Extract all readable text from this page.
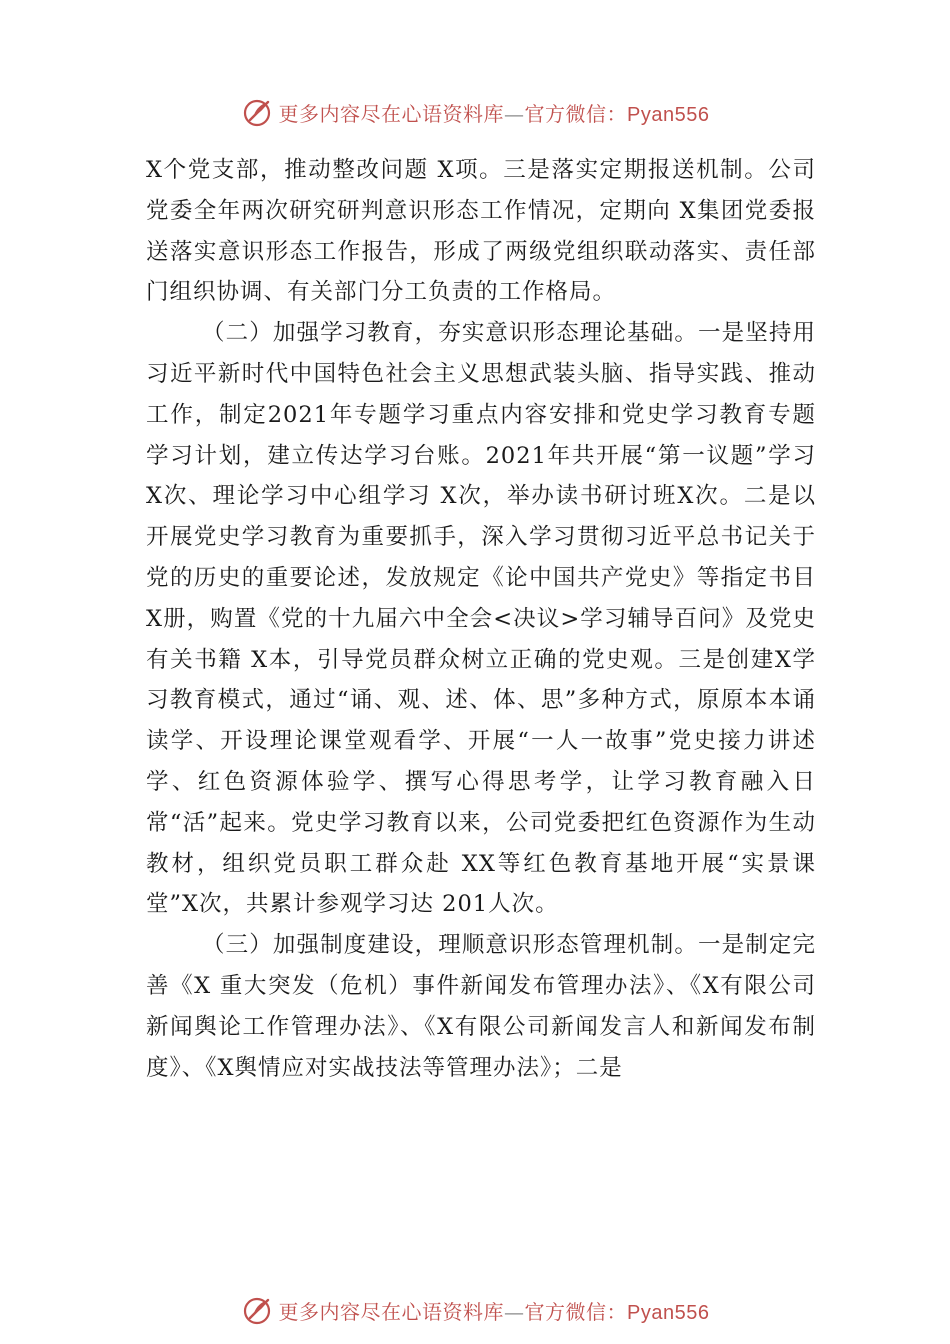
更多内容尽在心语资料库—官方微信：Pyan556

X个党支部，推动整改问题 X项。三是落实定期报送机制。公司党委全年两次研究研判意识形态工作情况，定期向 X集团党委报送落实意识形态工作报告，形成了两级党组织联动落实、责任部门组织协调、有关部门分工负责的工作格局。

（二）加强学习教育，夯实意识形态理论基础。一是坚持用习近平新时代中国特色社会主义思想武装头脑、指导实践、推动工作，制定2021年专题学习重点内容安排和党史学习教育专题学习计划，建立传达学习台账。2021年共开展“第一议题”学习 X次、理论学习中心组学习 X次，举办读书研讨班X次。二是以开展党史学习教育为重要抓手，深入学习贯彻习近平总书记关于党的历史的重要论述，发放规定《论中国共产党史》等指定书目 X册，购置《党的十九届六中全会<决议>学习辅导百问》及党史有关书籍 X本，引导党员群众树立正确的党史观。三是创建X学习教育模式，通过“诵、观、述、体、思”多种方式，原原本本诵读学、开设理论课堂观看学、开展“一人一故事”党史接力讲述学、红色资源体验学、撰写心得思考学，让学习教育融入日常“活”起来。党史学习教育以来，公司党委把红色资源作为生动教材，组织党员职工群众赴 XX等红色教育基地开展“实景课堂”X次，共累计参观学习达 201人次。

（三）加强制度建设，理顺意识形态管理机制。一是制定完善《X 重大突发（危机）事件新闻发布管理办法》、《X有限公司新闻舆论工作管理办法》、《X有限公司新闻发言人和新闻发布制度》、《X舆情应对实战技法等管理办法》；二是

更多内容尽在心语资料库—官方微信：Pyan556
